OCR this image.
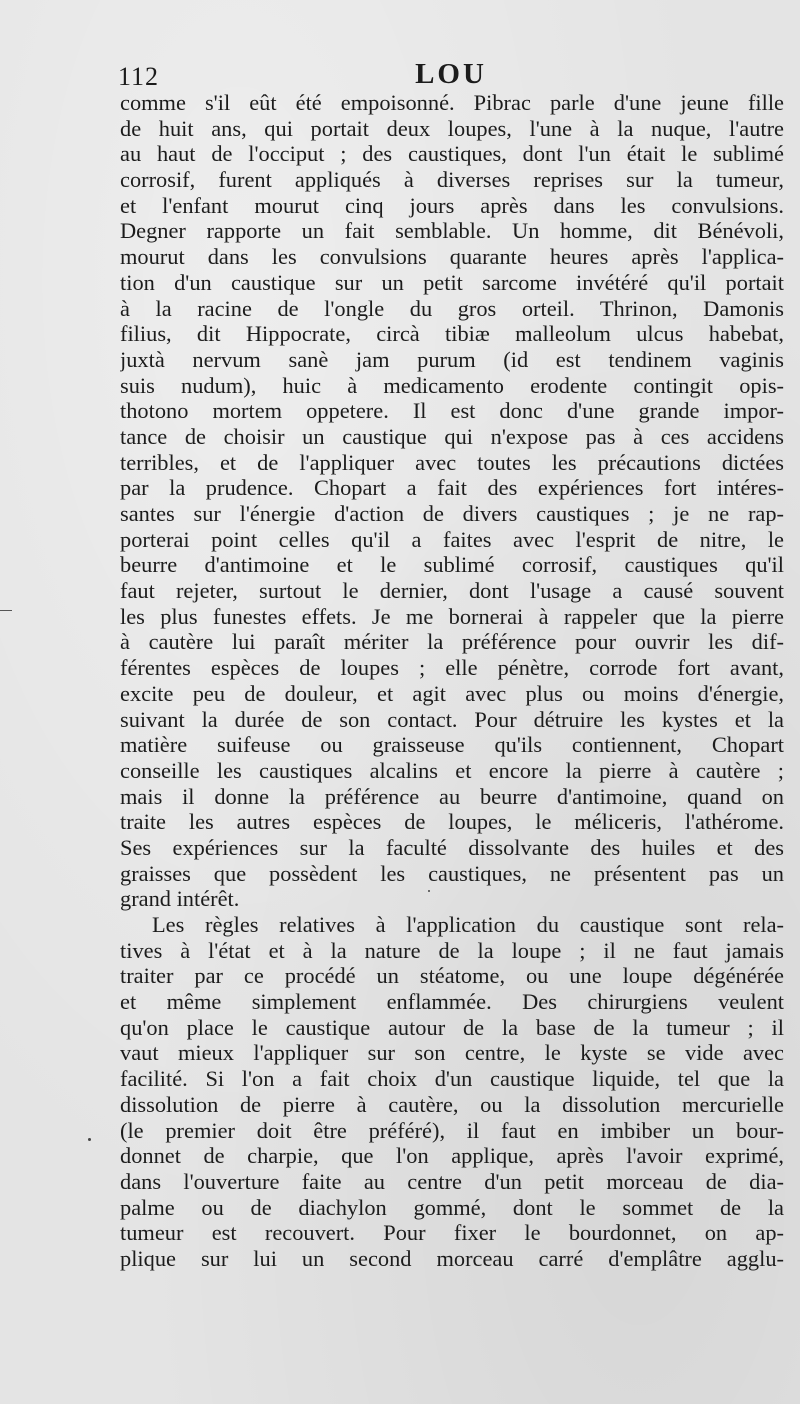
112	LOU
comme s'il eût été empoisonné. Pibrac parle d'une jeune fille
de huit ans, qui portait deux loupes, l'une à la nuque, l'autre
au haut de l'occiput ; des caustiques, dont l'un était le sublimé
corrosif, furent appliqués à diverses reprises sur la tumeur,
et l'enfant mourut cinq jours après dans les convulsions.
Degner rapporte un fait semblable. Un homme, dit Bénévoli,
mourut dans les convulsions quarante heures après l'applica-
tion d'un caustique sur un petit sarcome invétéré qu'il portait
à la racine de l'ongle du gros orteil. Thrinon, Damonis
filius, dit Hippocrate, circà tibiæ malleolum ulcus habebat,
juxtà nervum sanè jam purum (id est tendinem vaginis
suis nudum), huic à medicamento erodente contingit opis-
thotono mortem oppetere. Il est donc d'une grande impor-
tance de choisir un caustique qui n'expose pas à ces accidens
terribles, et de l'appliquer avec toutes les précautions dictées
par la prudence. Chopart a fait des expériences fort intéres-
santes sur l'énergie d'action de divers caustiques ; je ne rap-
porterai point celles qu'il a faites avec l'esprit de nitre, le
beurre d'antimoine et le sublimé corrosif, caustiques qu'il
faut rejeter, surtout le dernier, dont l'usage a causé souvent
les plus funestes effets. Je me bornerai à rappeler que la pierre
à cautère lui paraît mériter la préférence pour ouvrir les dif-
férentes espèces de loupes ; elle pénètre, corrode fort avant,
excite peu de douleur, et agit avec plus ou moins d'énergie,
suivant la durée de son contact. Pour détruire les kystes et la
matière suifeuse ou graisseuse qu'ils contiennent, Chopart
conseille les caustiques alcalins et encore la pierre à cautère ;
mais il donne la préférence au beurre d'antimoine, quand on
traite les autres espèces de loupes, le méliceris, l'athérome.
Ses expériences sur la faculté dissolvante des huiles et des
graisses que possèdent les caustiques, ne présentent pas un
grand intérêt.
Les règles relatives à l'application du caustique sont rela-
tives à l'état et à la nature de la loupe ; il ne faut jamais
traiter par ce procédé un stéatome, ou une loupe dégénérée
et même simplement enflammée. Des chirurgiens veulent
qu'on place le caustique autour de la base de la tumeur ; il
vaut mieux l'appliquer sur son centre, le kyste se vide avec
facilité. Si l'on a fait choix d'un caustique liquide, tel que la
dissolution de pierre à cautère, ou la dissolution mercurielle
(le premier doit être préféré), il faut en imbiber un bour-
donnet de charpie, que l'on applique, après l'avoir exprimé,
dans l'ouverture faite au centre d'un petit morceau de dia-
palme ou de diachylon gommé, dont le sommet de la
tumeur est recouvert. Pour fixer le bourdonnet, on ap-
plique sur lui un second morceau carré d'emplâtre agglu-
